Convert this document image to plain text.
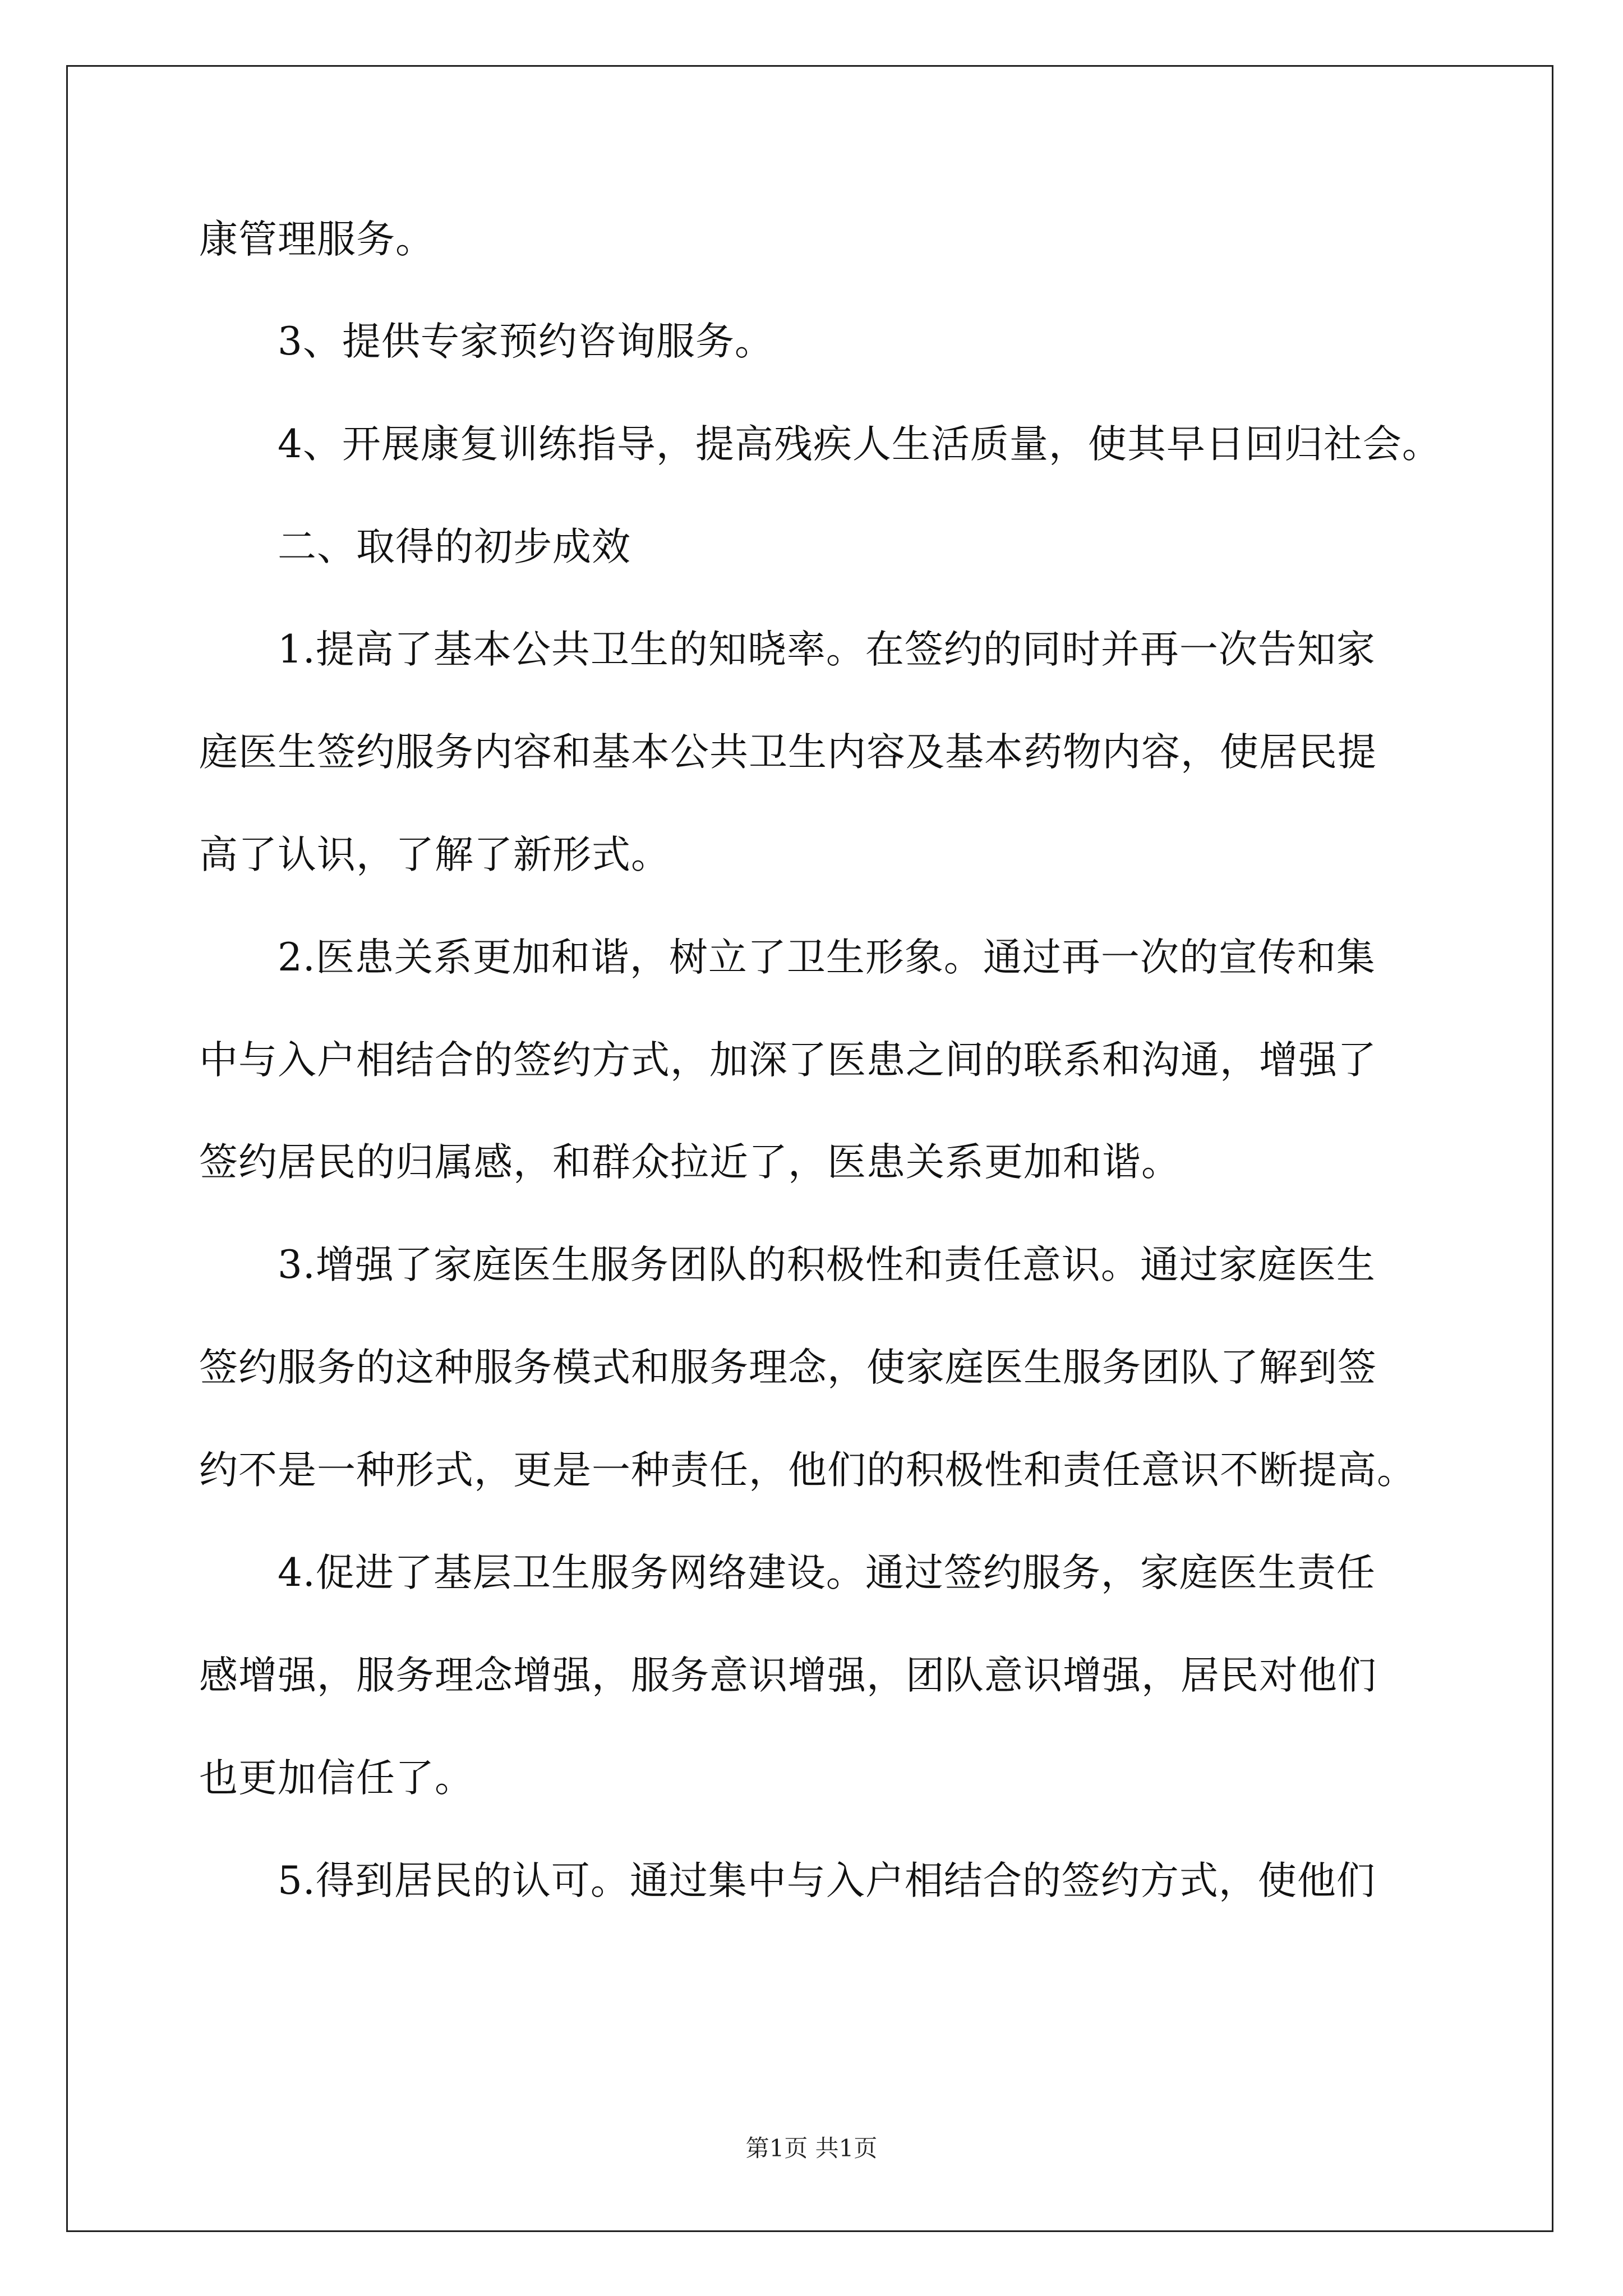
康管理服务。
3、提供专家预约咨询服务。
4、开展康复训练指导，提高残疾人生活质量，使其早日回归社会。
二、取得的初步成效
1.提高了基本公共卫生的知晓率。在签约的同时并再一次告知家
庭医生签约服务内容和基本公共卫生内容及基本药物内容，使居民提
高了认识，了解了新形式。
2.医患关系更加和谐，树立了卫生形象。通过再一次的宣传和集
中与入户相结合的签约方式，加深了医患之间的联系和沟通，增强了
签约居民的归属感，和群众拉近了，医患关系更加和谐。
3.增强了家庭医生服务团队的积极性和责任意识。通过家庭医生
签约服务的这种服务模式和服务理念，使家庭医生服务团队了解到签
约不是一种形式，更是一种责任，他们的积极性和责任意识不断提高。
4.促进了基层卫生服务网络建设。通过签约服务，家庭医生责任
感增强，服务理念增强，服务意识增强，团队意识增强，居民对他们
也更加信任了。
5.得到居民的认可。通过集中与入户相结合的签约方式，使他们
第1页 共1页
